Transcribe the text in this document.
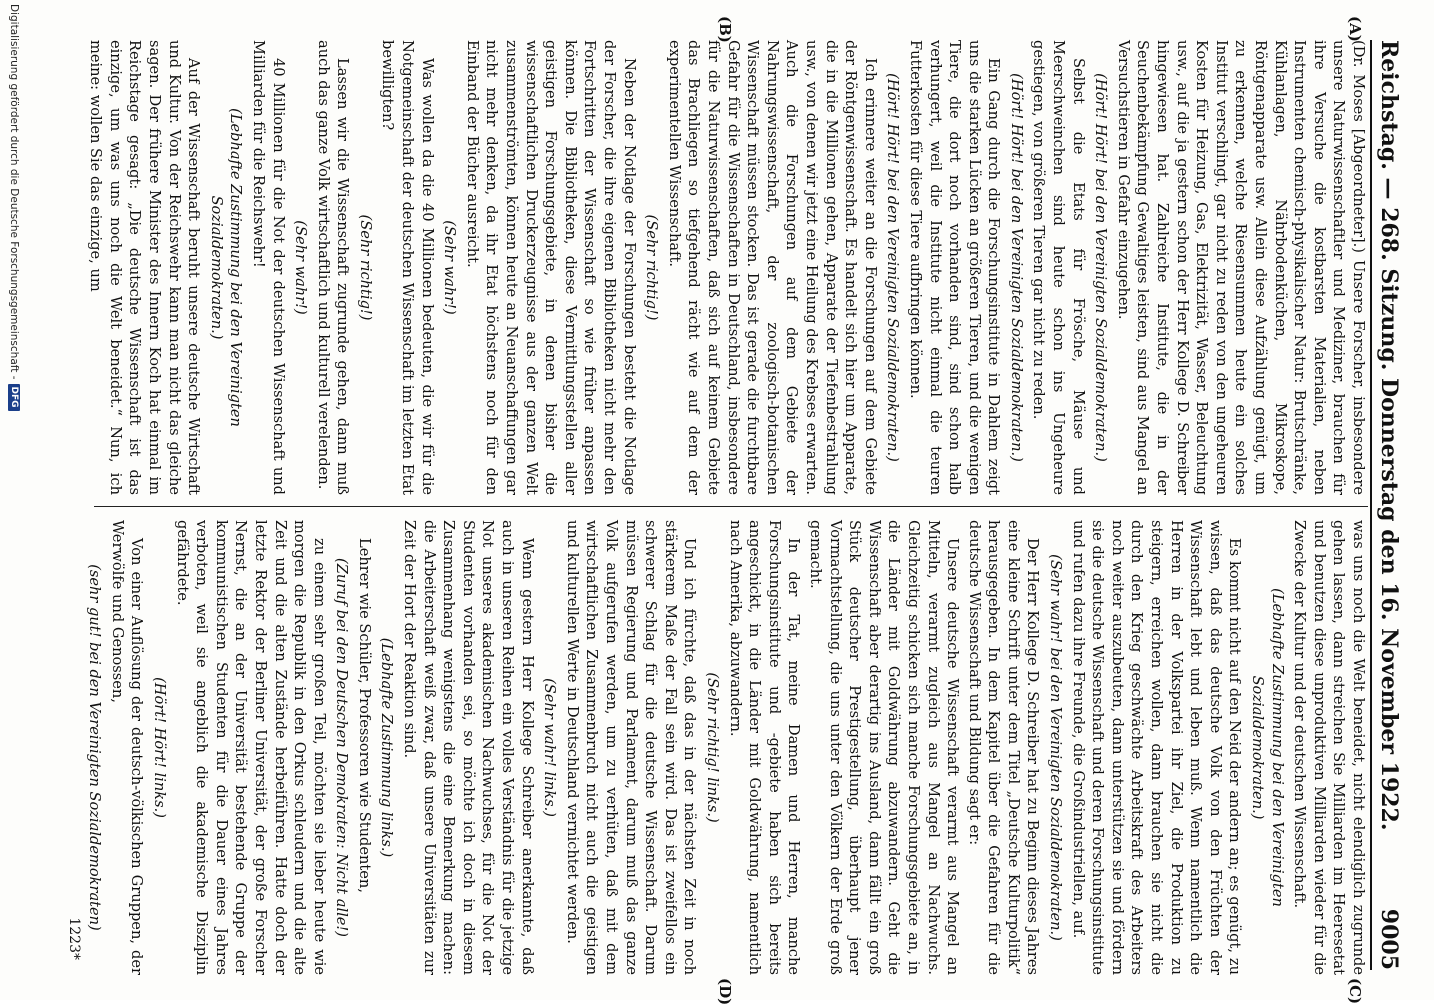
Reichstag. — 268. Sitzung. Donnerstag den 16. November 1922.
9005
(A)
(B)
(C)
(D)

(Dr. Moses [Abgeordneter].) Unsere Forscher, insbesondere unsere Naturwissenschaftler und Mediziner, brauchen für ihre Versuche die kostbarsten Materialien, neben Instrumenten chemisch-physikalischer Natur: Brutschränke, Kühlanlagen, Nährbodenküchen, Mikroskope, Röntgenapparate usw. Allein diese Aufzählung genügt, um zu erkennen, welche Riesensummen heute ein solches Institut verschlingt, gar nicht zu reden von den ungeheuren Kosten für Heizung, Gas, Elektrizität, Wasser, Beleuchtung usw., auf die ja gestern schon der Herr Kollege D. Schreiber hingewiesen hat. Zahlreiche Institute, die in der Seuchenbekämpfung Gewaltiges leisten, sind aus Mangel an Versuchstieren in Gefahr einzugehen.

(Hört! Hört! bei den Vereinigten Sozialdemokraten.)

Selbst die Etats für Frösche, Mäuse und Meerschweinchen sind heute schon ins Ungeheure gestiegen, von größeren Tieren gar nicht zu reden.

(Hört! Hört! bei den Vereinigten Sozialdemokraten.)

Ein Gang durch die Forschungsinstitute in Dahlem zeigt uns die starken Lücken an größeren Tieren, und die wenigen Tiere, die dort noch vorhanden sind, sind schon halb verhungert, weil die Institute nicht einmal die teuren Futterkosten für diese Tiere aufbringen können.

(Hört! Hört! bei den Vereinigten Sozialdemokraten.)

Ich erinnere weiter an die Forschungen auf dem Gebiete der Röntgenwissenschaft. Es handelt sich hier um Apparate, die in die Millionen gehen, Apparate der Tiefenbestrahlung usw., von denen wir jetzt eine Heilung des Krebses erwarten. Auch die Forschungen auf dem Gebiete der Nahrungswissenschaft, der zoologisch-botanischen Wissenschaft müssen stocken. Das ist gerade die furchtbare Gefahr für die Wissenschaften in Deutschland, insbesondere für die Naturwissenschaften, daß sich auf keinem Gebiete das Brachliegen so tiefgehend rächt wie auf dem der experimentellen Wissenschaft.

(Sehr richtig!)

Neben der Notlage der Forschungen besteht die Notlage der Forscher, die ihre eigenen Bibliotheken nicht mehr den Fortschritten der Wissenschaft so wie früher anpassen können. Die Bibliotheken, diese Vermittlungsstellen aller geistigen Forschungsgebiete, in denen bisher die wissenschaftlichen Druckerzeugnisse aus der ganzen Welt zusammenströmten, können heute an Neuanschaffungen gar nicht mehr denken, da ihr Etat höchstens noch für den Einband der Bücher ausreicht.

(Sehr wahr!)

Was wollen da die 40 Millionen bedeuten, die wir für die Notgemeinschaft der deutschen Wissenschaft im letzten Etat bewilligten?

(Sehr richtig!)

Lassen wir die Wissenschaft zugrunde gehen, dann muß auch das ganze Volk wirtschaftlich und kulturell verelenden.

(Sehr wahr!)

40 Millionen für die Not der deutschen Wissenschaft und Milliarden für die Reichswehr!

(Lebhafte Zustimmung bei den Vereinigten Sozialdemokraten.)

Auf der Wissenschaft beruht unsere deutsche Wirtschaft und Kultur. Von der Reichswehr kann man nicht das gleiche sagen. Der frühere Minister des Innern Koch hat einmal im Reichstage gesagt: „Die deutsche Wissenschaft ist das einzige, um was uns noch die Welt beneidet.“ Nun, ich meine: wollen Sie das einzige, um

was uns noch die Welt beneidet, nicht elendiglich zugrunde gehen lassen, dann streichen Sie Milliarden im Heeresetat und benutzen diese unproduktiven Milliarden wieder für die Zwecke der Kultur und der deutschen Wissenschaft.

(Lebhafte Zustimmung bei den Vereinigten Sozialdemokraten.)

Es kommt nicht auf den Neid der andern an; es genügt, zu wissen, daß das deutsche Volk von den Früchten der Wissenschaft lebt und leben muß. Wenn namentlich die Herren in der Volkspartei ihr Ziel, die Produktion zu steigern, erreichen wollen, dann brauchen sie nicht die durch den Krieg geschwächte Arbeitskraft des Arbeiters noch weiter auszubeuten, dann unterstützen sie und fördern sie die deutsche Wissenschaft und deren Forschungsinstitute und rufen dazu ihre Freunde, die Großindustriellen, auf.

(Sehr wahr! bei den Vereinigten Sozialdemokraten.)

Der Herr Kollege D. Schreiber hat zu Beginn dieses Jahres eine kleine Schrift unter dem Titel „Deutsche Kulturpolitik“ herausgegeben. In dem Kapitel über die Gefahren für die deutsche Wissenschaft und Bildung sagt er:

Unsere deutsche Wissenschaft verarmt aus Mangel an Mitteln, verarmt zugleich aus Mangel an Nachwuchs. Gleichzeitig schicken sich manche Forschungsgebiete an, in die Länder mit Goldwährung abzuwandern. Geht die Wissenschaft aber derartig ins Ausland, dann fällt ein groß Stück deutscher Prestigestellung, überhaupt jener Vormachtstellung, die uns unter den Völkern der Erde groß gemacht.

In der Tat, meine Damen und Herren, manche Forschungsinstitute und -gebiete haben sich bereits angeschickt, in die Länder mit Goldwährung, namentlich nach Amerika, abzuwandern.

(Sehr richtig! links.)

Und ich fürchte, daß das in der nächsten Zeit in noch stärkerem Maße der Fall sein wird. Das ist zweifellos ein schwerer Schlag für die deutsche Wissenschaft. Darum müssen Regierung und Parlament, darum muß das ganze Volk aufgerufen werden, um zu verhüten, daß mit dem wirtschaftlichen Zusammenbruch nicht auch die geistigen und kulturellen Werte in Deutschland vernichtet werden.

(Sehr wahr! links.)

Wenn gestern Herr Kollege Schreiber anerkannte, daß auch in unseren Reihen ein volles Verständnis für die jetzige Not unseres akademischen Nachwuchses, für die Not der Studenten vorhanden sei, so möchte ich doch in diesem Zusammenhang wenigstens die eine Bemerkung machen: die Arbeiterschaft weiß zwar, daß unsere Universitäten zur Zeit der Hort der Reaktion sind.

(Lebhafte Zustimmung links.)

Lehrer wie Schüler, Professoren wie Studenten,

(Zuruf bei den Deutschen Demokraten: Nicht alle!)

zu einem sehr großen Teil, möchten sie lieber heute wie morgen die Republik in den Orkus schleudern und die alte Zeit und die alten Zustände herbeiführen. Hatte doch der letzte Rektor der Berliner Universität, der große Forscher Nernst, die an der Universität bestehende Gruppe der kommunistischen Studenten für die Dauer eines Jahres verboten, weil sie angeblich die akademische Disziplin gefährdete.

(Hört! Hört! links.)

Von einer Auflösung der deutsch-völkischen Gruppen, der Werwölfe und Genossen,

(sehr gut! bei den Vereinigten Sozialdemokraten)
1223*
Digitalisierung gefördert durch die Deutsche Forschungsgemeinschaft -
DFG
